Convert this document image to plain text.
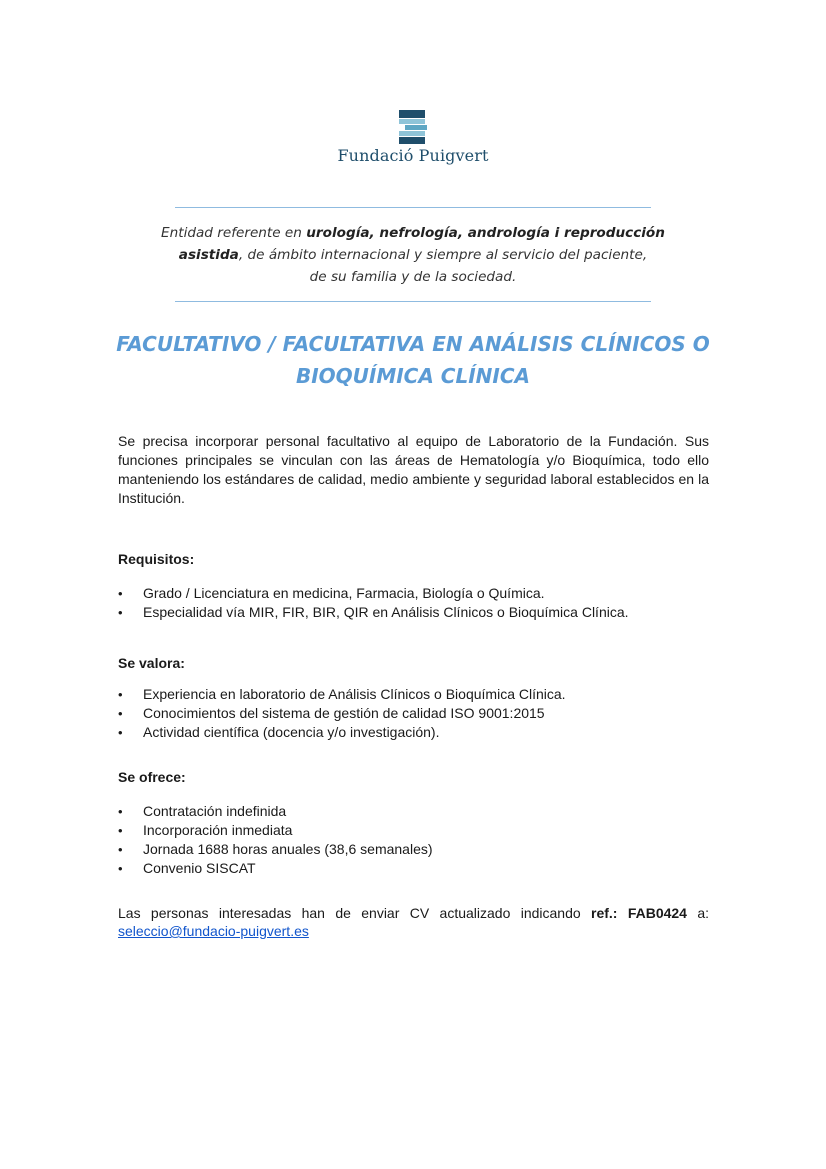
Fundació Puigvert
Entidad referente en urología, nefrología, andrología i reproducción asistida, de ámbito internacional y siempre al servicio del paciente,
de su familia y de la sociedad.
FACULTATIVO / FACULTATIVA EN ANÁLISIS CLÍNICOS O
BIOQUÍMICA CLÍNICA
Se precisa incorporar personal facultativo al equipo de Laboratorio de la Fundación. Sus funciones principales se vinculan con las áreas de Hematología y/o Bioquímica, todo ello manteniendo los estándares de calidad, medio ambiente y seguridad laboral establecidos en la Institución.
Requisitos:
• Grado / Licenciatura en medicina, Farmacia, Biología o Química.
• Especialidad vía MIR, FIR, BIR, QIR en Análisis Clínicos o Bioquímica Clínica.
Se valora:
• Experiencia en laboratorio de Análisis Clínicos o Bioquímica Clínica.
• Conocimientos del sistema de gestión de calidad ISO 9001:2015
• Actividad científica (docencia y/o investigación).
Se ofrece:
• Contratación indefinida
• Incorporación inmediata
• Jornada 1688 horas anuales (38,6 semanales)
• Convenio SISCAT

Las personas interesadas han de enviar CV actualizado indicando ref.: FAB0424 a:

seleccio@fundacio-puigvert.es
